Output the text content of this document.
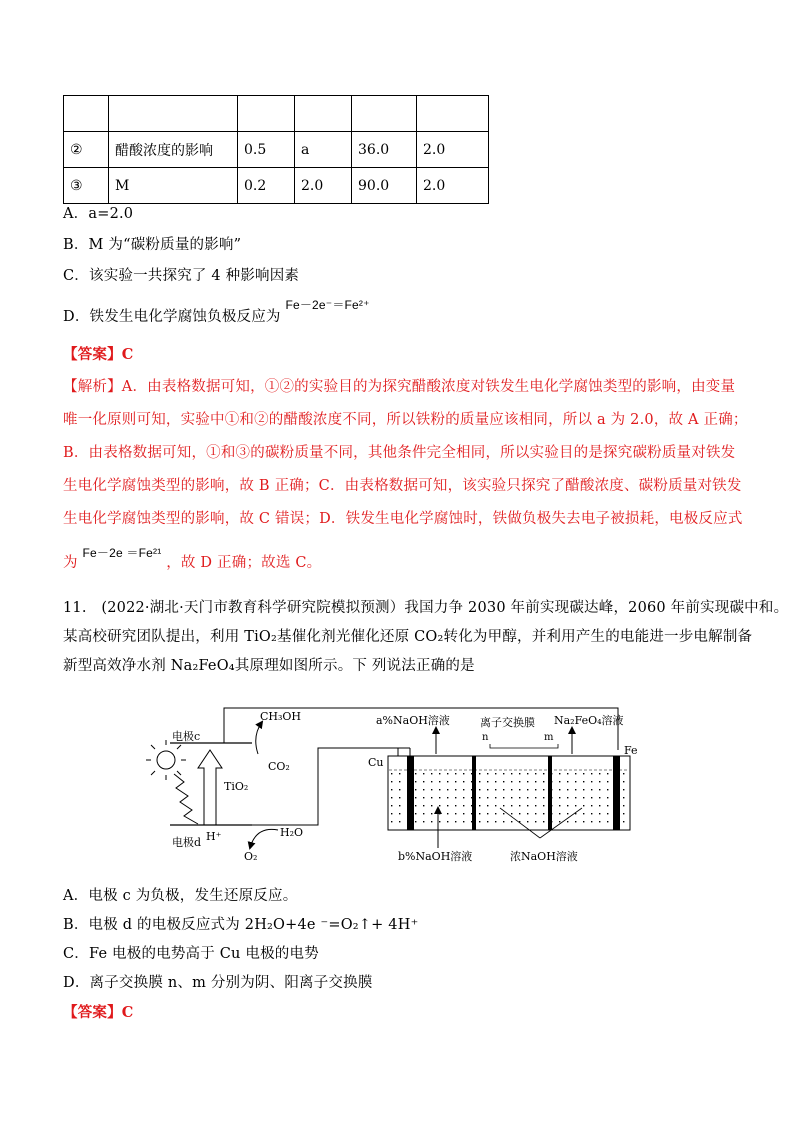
②	醋酸浓度的影响	0.5	a	36.0	2.0
③	M	0.2	2.0	90.0	2.0
A．a=2.0
B．M 为“碳粉质量的影响”
C．该实验一共探究了 4 种影响因素
D．铁发生电化学腐蚀负极反应为 $^{Fe-2e^-=Fe^{2+}}$
【答案】C
【解析】A．由表格数据可知，①②的实验目的为探究醋酸浓度对铁发生电化学腐蚀类型的影响，由变量
唯一化原则可知，实验中①和②的醋酸浓度不同，所以铁粉的质量应该相同，所以 a 为 2.0，故 A 正确；
B．由表格数据可知，①和③的碳粉质量不同，其他条件完全相同，所以实验目的是探究碳粉质量对铁发
生电化学腐蚀类型的影响，故 B 正确；C．由表格数据可知，该实验只探究了醋酸浓度、碳粉质量对铁发
生电化学腐蚀类型的影响，故 C 错误；D．铁发生电化学腐蚀时，铁做负极失去电子被损耗，电极反应式
为 $^{Fe-2e =Fe^{21}}$ ，故 D 正确；故选 C。
11.　(2022·湖北·天门市教育科学研究院模拟预测）我国力争 2030 年前实现碳达峰，2060 年前实现碳中和。
某高校研究团队提出，利用 TiO₂基催化剂光催化还原 CO₂转化为甲醇，并利用产生的电能进一步电解制备
新型高效净水剂 Na₂FeO₄其原理如图所示。下 列说法正确的是
电极c
电极d H⁺
TiO₂
CH₃OH
CO₂
H₂O
O₂
Cu
Fe
a%NaOH溶液	离子交换膜
n	m
Na₂FeO₄溶液
b%NaOH溶液	浓NaOH溶液
A．电极 c 为负极，发生还原反应。
B．电极 d 的电极反应式为 2H₂O+4e ⁻=O₂↑+ 4H⁺
C．Fe 电极的电势高于 Cu 电极的电势
D．离子交换膜 n、m 分别为阴、阳离子交换膜
【答案】C
